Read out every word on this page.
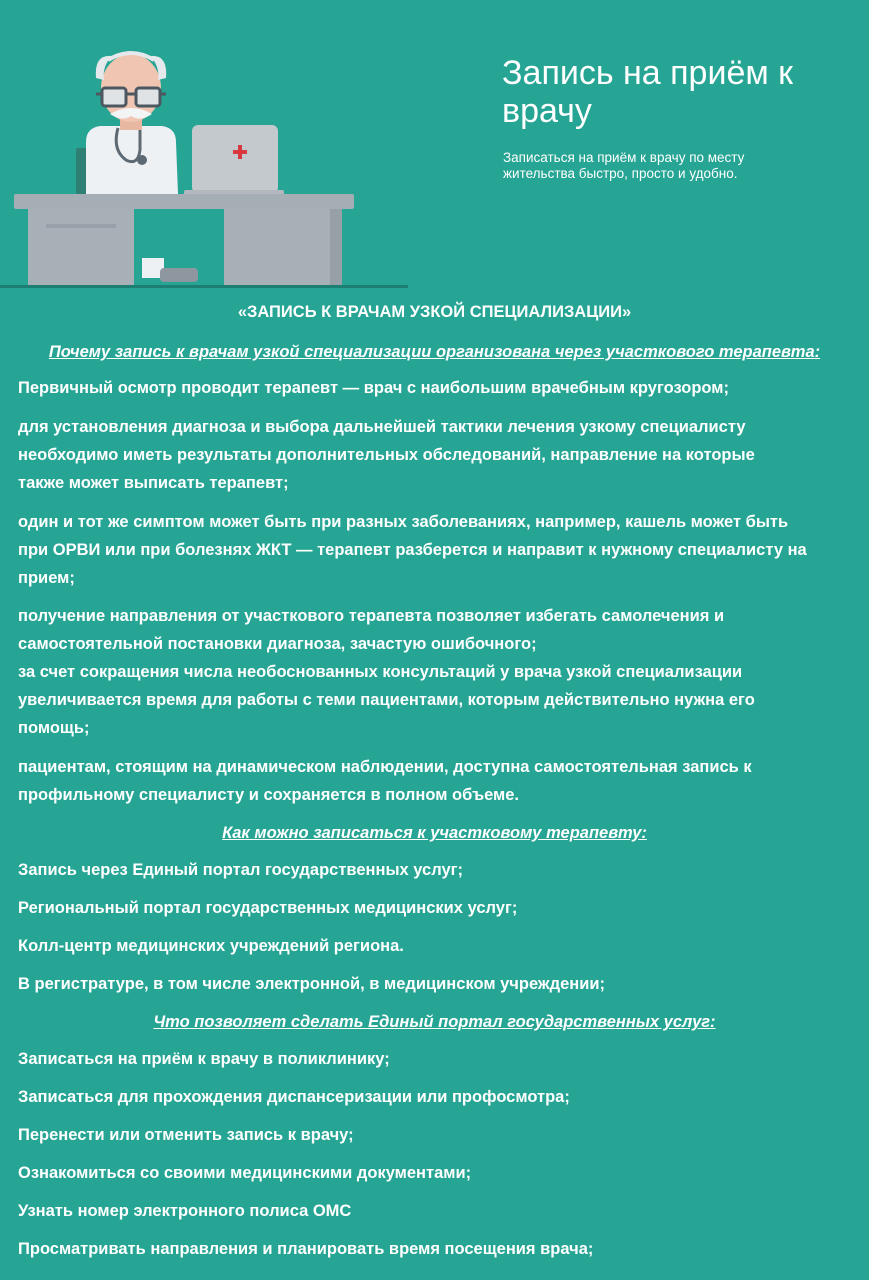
Запись на приём к врачу

Записаться на приём к врачу по месту жительства быстро, просто и удобно.

«ЗАПИСЬ К ВРАЧАМ УЗКОЙ СПЕЦИАЛИЗАЦИИ»

Почему запись к врачам узкой специализации организована через участкового терапевта:

Первичный осмотр проводит терапевт — врач с наибольшим врачебным кругозором;

для установления диагноза и выбора дальнейшей тактики лечения узкому специалисту

необходимо иметь результаты дополнительных обследований, направление на которые

также может выписать терапевт;

один и тот же симптом может быть при разных заболеваниях, например, кашель может быть

при ОРВИ или при болезнях ЖКТ — терапевт разберется и направит к нужному специалисту на

прием;

получение направления от участкового терапевта позволяет избегать самолечения и

самостоятельной постановки диагноза, зачастую ошибочного;

за счет сокращения числа необоснованных консультаций у врача узкой специализации

увеличивается время для работы с теми пациентами, которым действительно нужна его

помощь;

пациентам, стоящим на динамическом наблюдении, доступна самостоятельная запись к

профильному специалисту и сохраняется в полном объеме.

Как можно записаться к участковому терапевту:

Запись через Единый портал государственных услуг;

Региональный портал государственных медицинских услуг;

Колл-центр медицинских учреждений региона.

В регистратуре, в том числе электронной, в медицинском учреждении;

Что позволяет сделать Единый портал государственных услуг:

Записаться на приём к врачу в поликлинику;

Записаться для прохождения диспансеризации или профосмотра;

Перенести или отменить запись к врачу;

Ознакомиться со своими медицинскими документами;

Узнать номер электронного полиса ОМС

Просматривать направления и планировать время посещения врача;
